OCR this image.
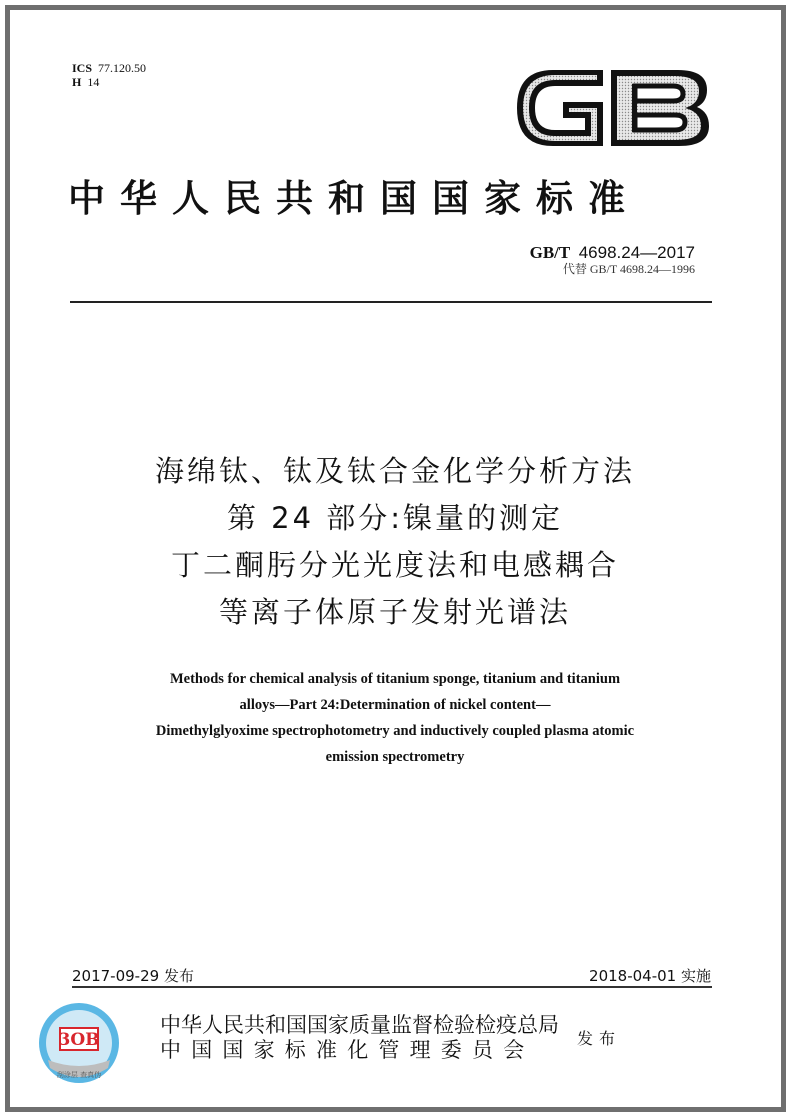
ICS 77.120.50
H 14
中华人民共和国国家标准
GB/T 4698.24—2017
代替 GB/T 4698.24—1996
海绵钛、钛及钛合金化学分析方法
第 24 部分:镍量的测定
丁二酮肟分光光度法和电感耦合
等离子体原子发射光谱法
Methods for chemical analysis of titanium sponge, titanium and titanium
alloys—Part 24:Determination of nickel content—
Dimethylglyoxime spectrophotometry and inductively coupled plasma atomic
emission spectrometry
2017-09-29 发布	2018-04-01 实施
3OB
刮涂层 查真伪
中华人民共和国国家质量监督检验检疫总局
中国国家标准化管理委员会	发布
